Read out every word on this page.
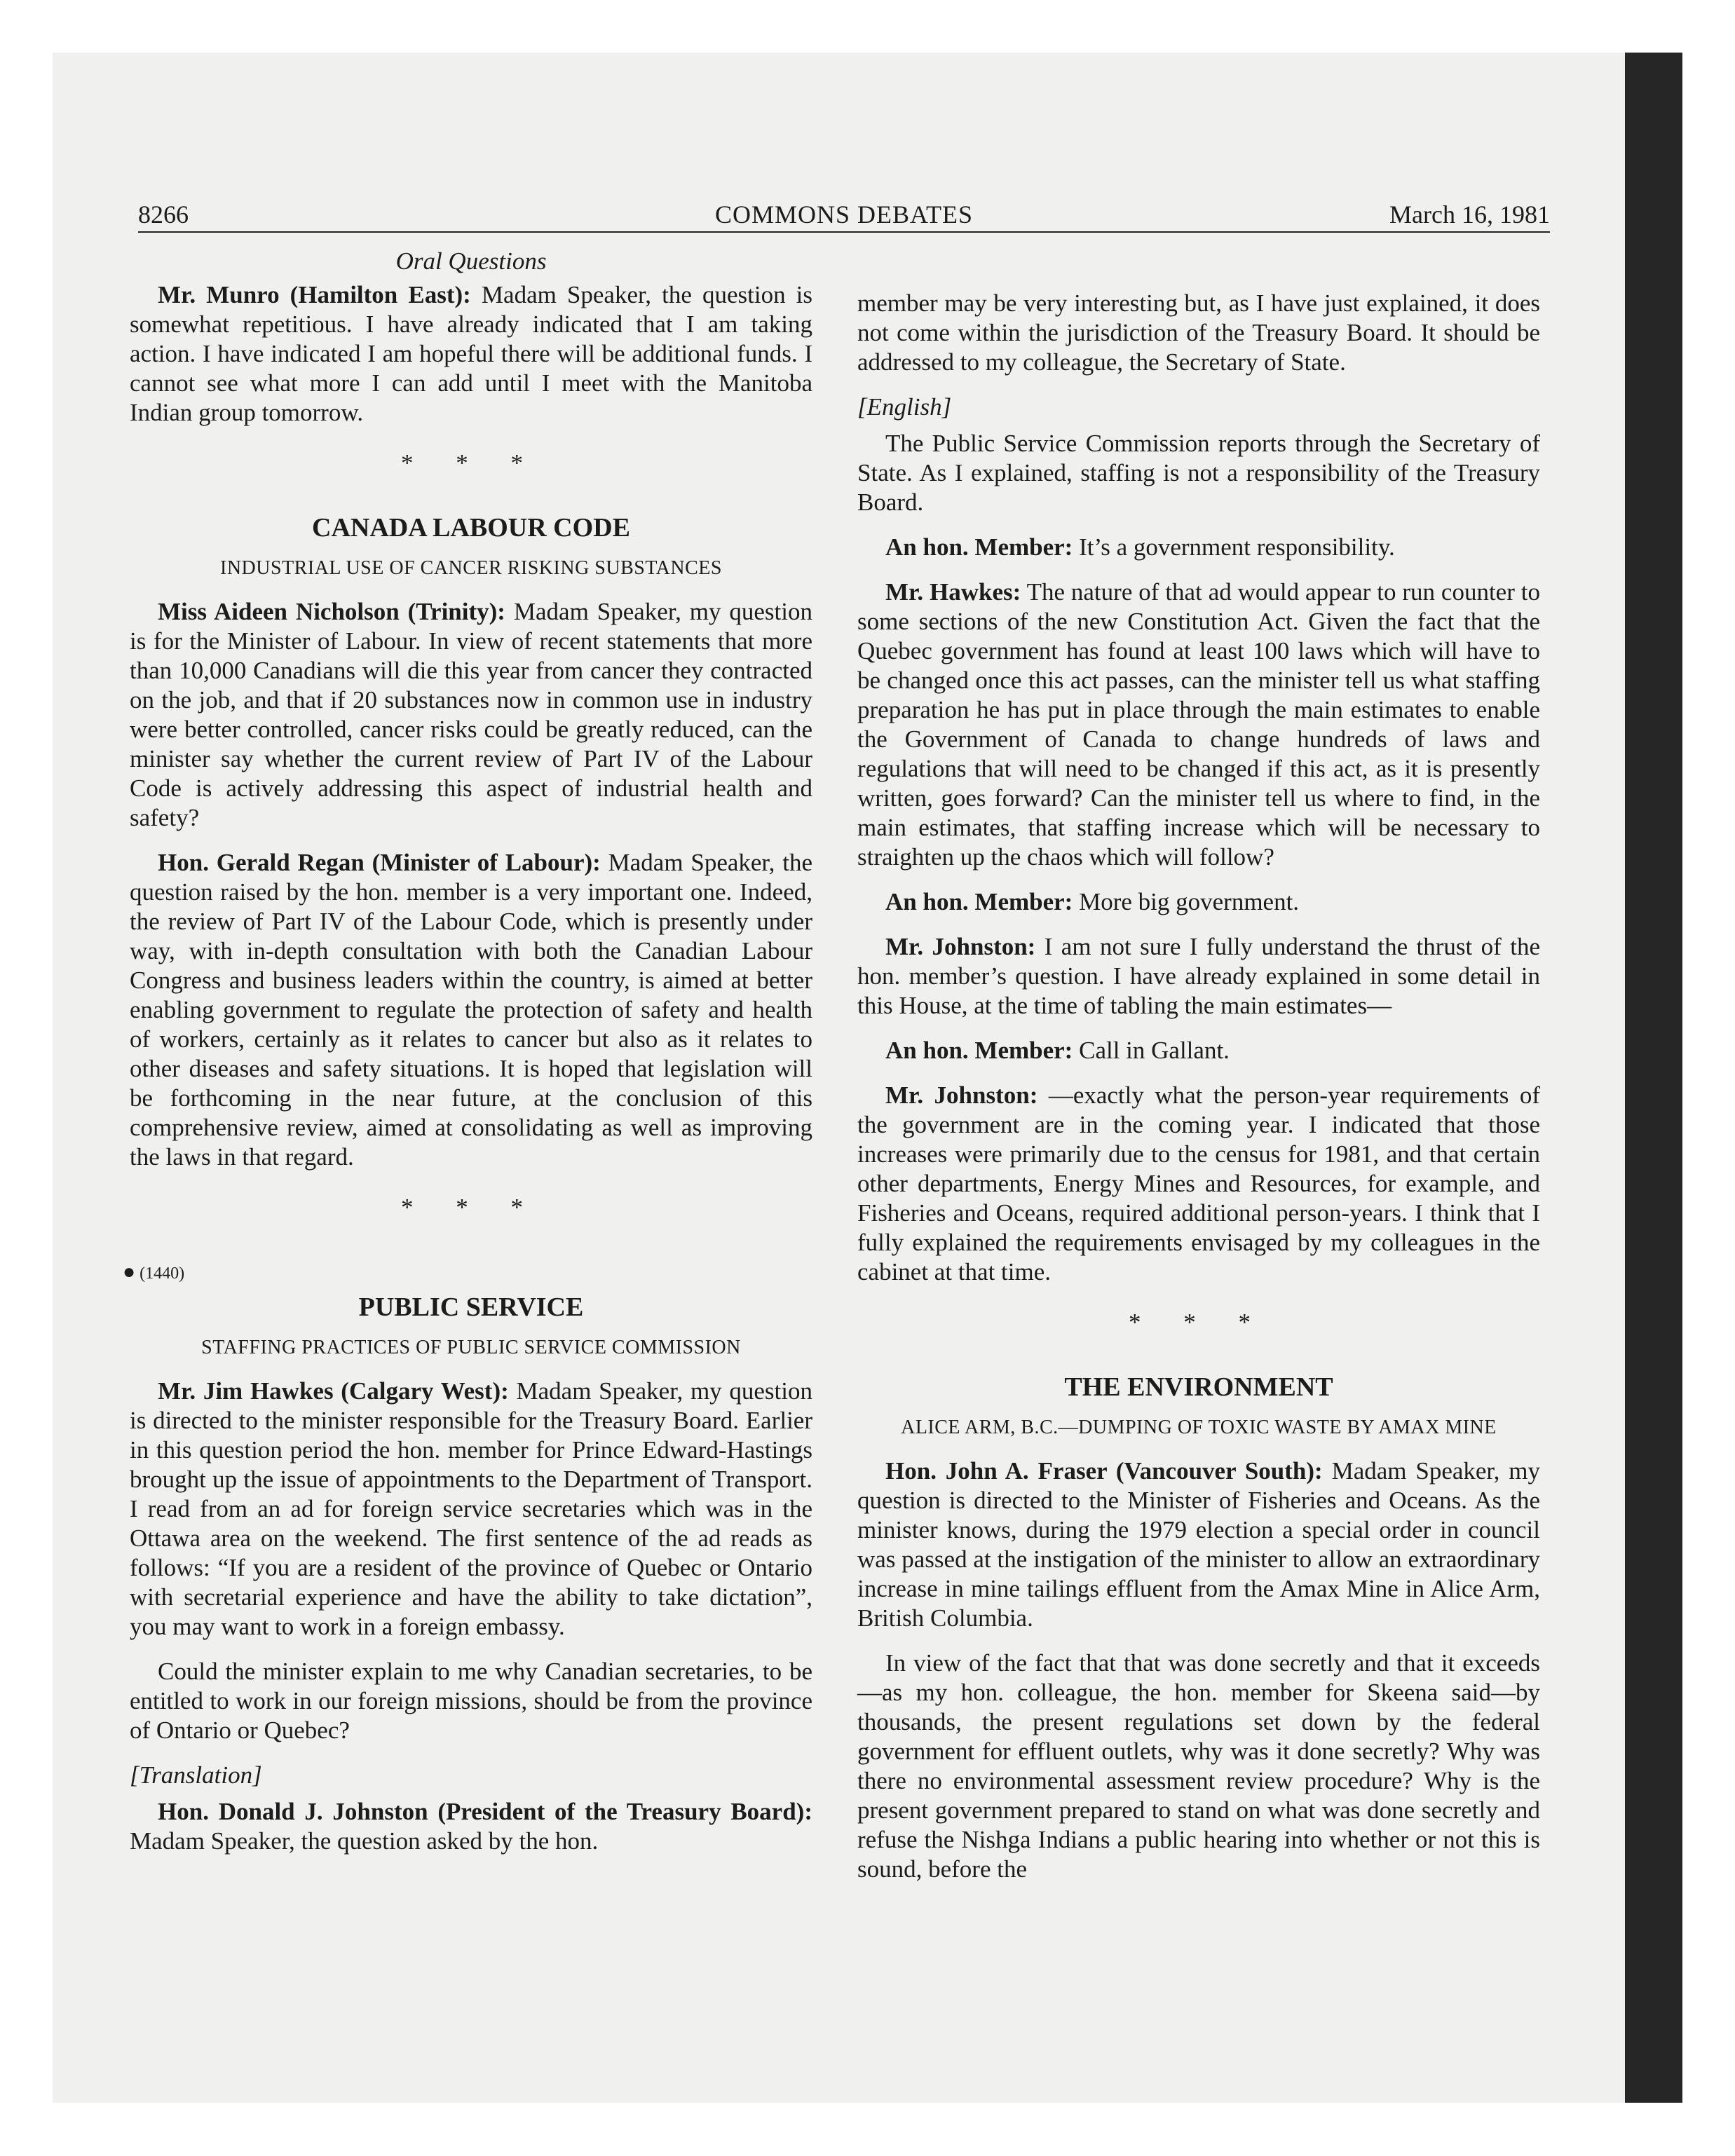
8266	COMMONS DEBATES	March 16, 1981
Oral Questions

Mr. Munro (Hamilton East): Madam Speaker, the question is somewhat repetitious. I have already indicated that I am taking action. I have indicated I am hopeful there will be additional funds. I cannot see what more I can add until I meet with the Manitoba Indian group tomorrow.

* * *
CANADA LABOUR CODE
INDUSTRIAL USE OF CANCER RISKING SUBSTANCES

Miss Aideen Nicholson (Trinity): Madam Speaker, my question is for the Minister of Labour. In view of recent statements that more than 10,000 Canadians will die this year from cancer they contracted on the job, and that if 20 substances now in common use in industry were better controlled, cancer risks could be greatly reduced, can the minister say whether the current review of Part IV of the Labour Code is actively addressing this aspect of industrial health and safety?

Hon. Gerald Regan (Minister of Labour): Madam Speaker, the question raised by the hon. member is a very important one. Indeed, the review of Part IV of the Labour Code, which is presently under way, with in-depth consultation with both the Canadian Labour Congress and business leaders within the country, is aimed at better enabling government to regulate the protection of safety and health of workers, certainly as it relates to cancer but also as it relates to other diseases and safety situations. It is hoped that legislation will be forthcoming in the near future, at the conclusion of this comprehensive review, aimed at consolidating as well as improving the laws in that regard.

* * *
● (1440)
PUBLIC SERVICE
STAFFING PRACTICES OF PUBLIC SERVICE COMMISSION

Mr. Jim Hawkes (Calgary West): Madam Speaker, my question is directed to the minister responsible for the Treasury Board. Earlier in this question period the hon. member for Prince Edward-Hastings brought up the issue of appointments to the Department of Transport. I read from an ad for foreign service secretaries which was in the Ottawa area on the weekend. The first sentence of the ad reads as follows: “If you are a resident of the province of Quebec or Ontario with secretarial experience and have the ability to take dictation”, you may want to work in a foreign embassy.

Could the minister explain to me why Canadian secretaries, to be entitled to work in our foreign missions, should be from the province of Ontario or Quebec?

[Translation]

Hon. Donald J. Johnston (President of the Treasury Board): Madam Speaker, the question asked by the hon.

member may be very interesting but, as I have just explained, it does not come within the jurisdiction of the Treasury Board. It should be addressed to my colleague, the Secretary of State.

[English]

The Public Service Commission reports through the Secretary of State. As I explained, staffing is not a responsibility of the Treasury Board.

An hon. Member: It’s a government responsibility.

Mr. Hawkes: The nature of that ad would appear to run counter to some sections of the new Constitution Act. Given the fact that the Quebec government has found at least 100 laws which will have to be changed once this act passes, can the minister tell us what staffing preparation he has put in place through the main estimates to enable the Government of Canada to change hundreds of laws and regulations that will need to be changed if this act, as it is presently written, goes forward? Can the minister tell us where to find, in the main estimates, that staffing increase which will be necessary to straighten up the chaos which will follow?

An hon. Member: More big government.

Mr. Johnston: I am not sure I fully understand the thrust of the hon. member’s question. I have already explained in some detail in this House, at the time of tabling the main estimates—

An hon. Member: Call in Gallant.

Mr. Johnston: —exactly what the person-year requirements of the government are in the coming year. I indicated that those increases were primarily due to the census for 1981, and that certain other departments, Energy Mines and Resources, for example, and Fisheries and Oceans, required additional person-years. I think that I fully explained the requirements envisaged by my colleagues in the cabinet at that time.

* * *
THE ENVIRONMENT
ALICE ARM, B.C.—DUMPING OF TOXIC WASTE BY AMAX MINE

Hon. John A. Fraser (Vancouver South): Madam Speaker, my question is directed to the Minister of Fisheries and Oceans. As the minister knows, during the 1979 election a special order in council was passed at the instigation of the minister to allow an extraordinary increase in mine tailings effluent from the Amax Mine in Alice Arm, British Columbia.

In view of the fact that that was done secretly and that it exceeds—as my hon. colleague, the hon. member for Skeena said—by thousands, the present regulations set down by the federal government for effluent outlets, why was it done secretly? Why was there no environmental assessment review procedure? Why is the present government prepared to stand on what was done secretly and refuse the Nishga Indians a public hearing into whether or not this is sound, before the
